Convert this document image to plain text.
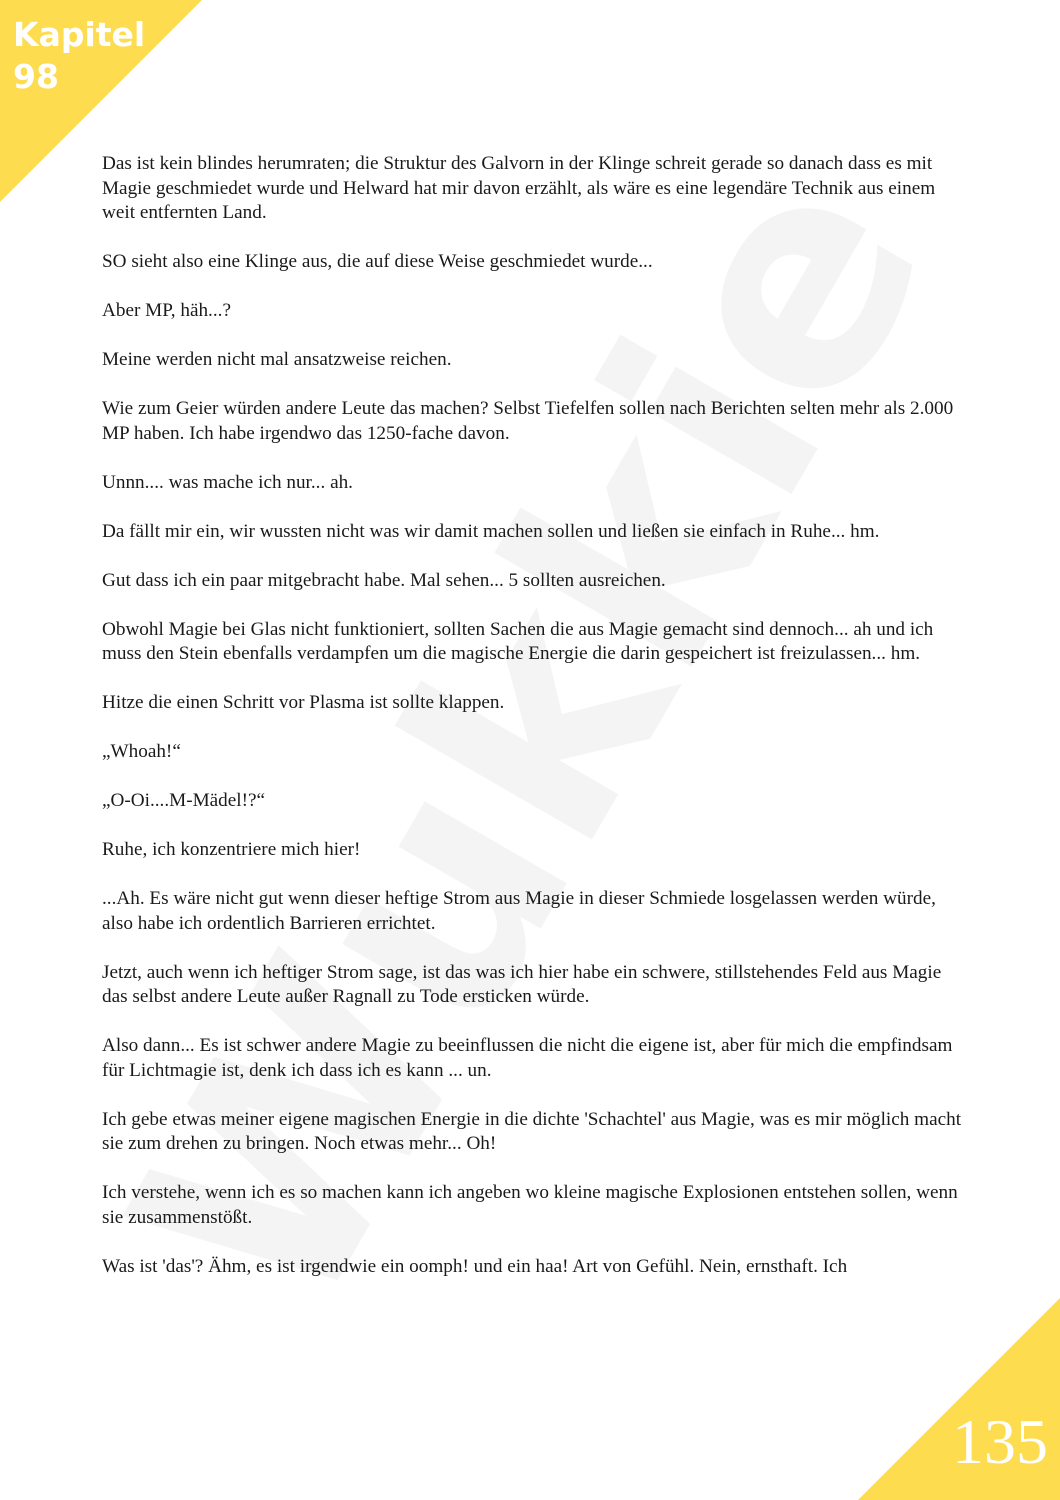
Kapitel
98

Das ist kein blindes herumraten; die Struktur des Galvorn in der Klinge schreit gerade so danach dass es mit Magie geschmiedet wurde und Helward hat mir davon erzählt, als wäre es eine legendäre Technik aus einem weit entfernten Land.

SO sieht also eine Klinge aus, die auf diese Weise geschmiedet wurde...

Aber MP, häh...?

Meine werden nicht mal ansatzweise reichen.

Wie zum Geier würden andere Leute das machen? Selbst Tiefelfen sollen nach Berichten selten mehr als 2.000 MP haben. Ich habe irgendwo das 1250-fache davon.

Unnn.... was mache ich nur... ah.

Da fällt mir ein, wir wussten nicht was wir damit machen sollen und ließen sie einfach in Ruhe... hm.

Gut dass ich ein paar mitgebracht habe. Mal sehen... 5 sollten ausreichen.

Obwohl Magie bei Glas nicht funktioniert, sollten Sachen die aus Magie gemacht sind dennoch... ah und ich muss den Stein ebenfalls verdampfen um die magische Energie die darin gespeichert ist freizulassen... hm.

Hitze die einen Schritt vor Plasma ist sollte klappen.

„Whoah!“

„O-Oi....M-Mädel!?“

Ruhe, ich konzentriere mich hier!

...Ah. Es wäre nicht gut wenn dieser heftige Strom aus Magie in dieser Schmiede losgelassen werden würde, also habe ich ordentlich Barrieren errichtet.

Jetzt, auch wenn ich heftiger Strom sage, ist das was ich hier habe ein schwere, stillstehendes Feld aus Magie das selbst andere Leute außer Ragnall zu Tode ersticken würde.

Also dann... Es ist schwer andere Magie zu beeinflussen die nicht die eigene ist, aber für mich die empfindsam für Lichtmagie ist, denk ich dass ich es kann ... un.

Ich gebe etwas meiner eigene magischen Energie in die dichte 'Schachtel' aus Magie, was es mir möglich macht sie zum drehen zu bringen. Noch etwas mehr... Oh!

Ich verstehe, wenn ich es so machen kann ich angeben wo kleine magische Explosionen entstehen sollen, wenn sie zusammenstößt.

Was ist 'das'? Ähm, es ist irgendwie ein oomph! und ein haa! Art von Gefühl. Nein, ernsthaft. Ich

135
